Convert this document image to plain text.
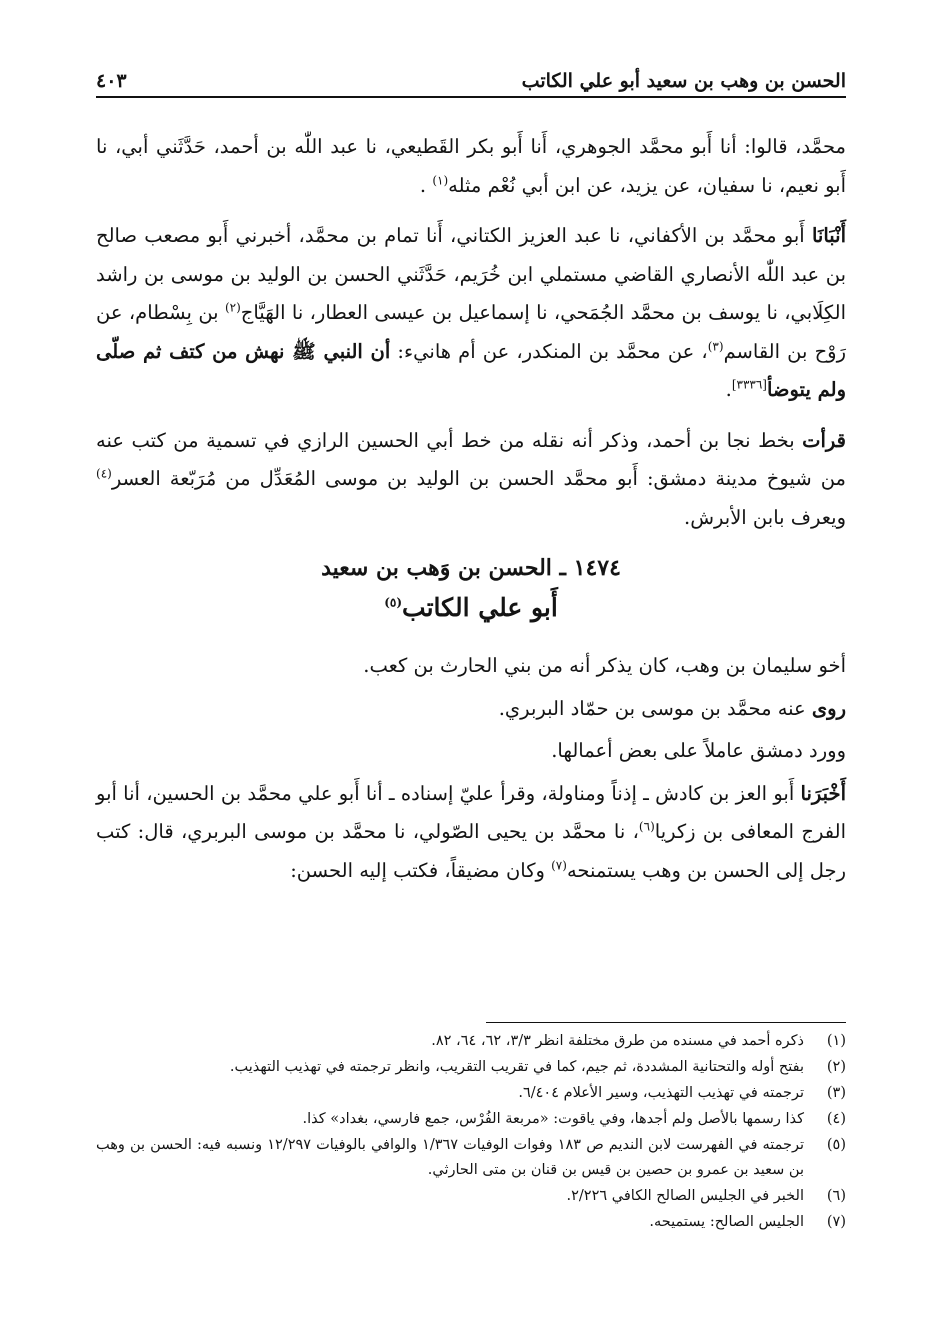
الحسن بن وهب بن سعيد أبو علي الكاتب
٤٠٣

محمَّد، قالوا: أنا أَبو محمَّد الجوهري، أَنا أَبو بكر القَطيعي، نا عبد اللّٰه بن أحمد، حَدَّثَني أبي، نا أَبو نعيم، نا سفيان، عن يزيد، عن ابن أبي نُعْم مثله$^{(١)}$ .

أَنْبَانَا أَبو محمَّد بن الأكفاني، نا عبد العزيز الكتاني، أَنا تمام بن محمَّد، أخبرني أَبو مصعب صالح بن عبد اللّٰه الأنصاري القاضي مستملي ابن خُرَيم، حَدَّثَني الحسن بن الوليد بن موسى بن راشد الكِلَابي، نا يوسف بن محمَّد الجُمَحي، نا إسماعيل بن عيسى العطار، نا الهَيَّاج$^{(٢)}$ بن بِسْطام، عن رَوْح بن القاسم$^{(٣)}$، عن محمَّد بن المنكدر، عن أم هانيء: أن النبي ﷺ نهش من كتف ثم صلّى ولم يتوضأ[٣٣٣٦].

قرأت بخط نجا بن أحمد، وذكر أنه نقله من خط أبي الحسين الرازي في تسمية من كتب عنه من شيوخ مدينة دمشق: أَبو محمَّد الحسن بن الوليد بن موسى المُعَدِّل من مُرَبّعة العسر$^{(٤)}$ ويعرف بابن الأبرش.

١٤٧٤ ـ الحسن بن وَهب بن سعيد
أَبو علي الكاتب$^{(٥)}$

أخو سليمان بن وهب، كان يذكر أنه من بني الحارث بن كعب.

روى عنه محمَّد بن موسى بن حمّاد البربري.

وورد دمشق عاملاً على بعض أعمالها.

أَخْبَرَنا أَبو العز بن كادش ـ إذناً ومناولة، وقرأ عليّ إسناده ـ أنا أَبو علي محمَّد بن الحسين، أنا أبو الفرج المعافى بن زكريا$^{(٦)}$، نا محمَّد بن يحيى الصّولي، نا محمَّد بن موسى البربري، قال: كتب رجل إلى الحسن بن وهب يستمنحه$^{(٧)}$ وكان مضيقاً، فكتب إليه الحسن:

(١)
ذكره أحمد في مسنده من طرق مختلفة انظر ٣/٣، ٦٢، ٦٤، ٨٢.
(٢)
بفتح أوله والتحتانية المشددة، ثم جيم، كما في تقريب التقريب، وانظر ترجمته في تهذيب التهذيب.
(٣)
ترجمته في تهذيب التهذيب، وسير الأعلام ٦/٤٠٤.
(٤)
كذا رسمها بالأصل ولم أجدها، وفي ياقوت: «مربعة الفُرْس، جمع فارسي، بغداد» كذا.
(٥)
ترجمته في الفهرست لابن النديم ص ١٨٣ وفوات الوفيات ١/٣٦٧ والوافي بالوفيات ١٢/٢٩٧ ونسبه فيه: الحسن بن وهب بن سعيد بن عمرو بن حصين بن قيس بن قنان بن متى الحارثي.
(٦)
الخبر في الجليس الصالح الكافي ٢/٢٢٦.
(٧)
الجليس الصالح: يستميحه.
